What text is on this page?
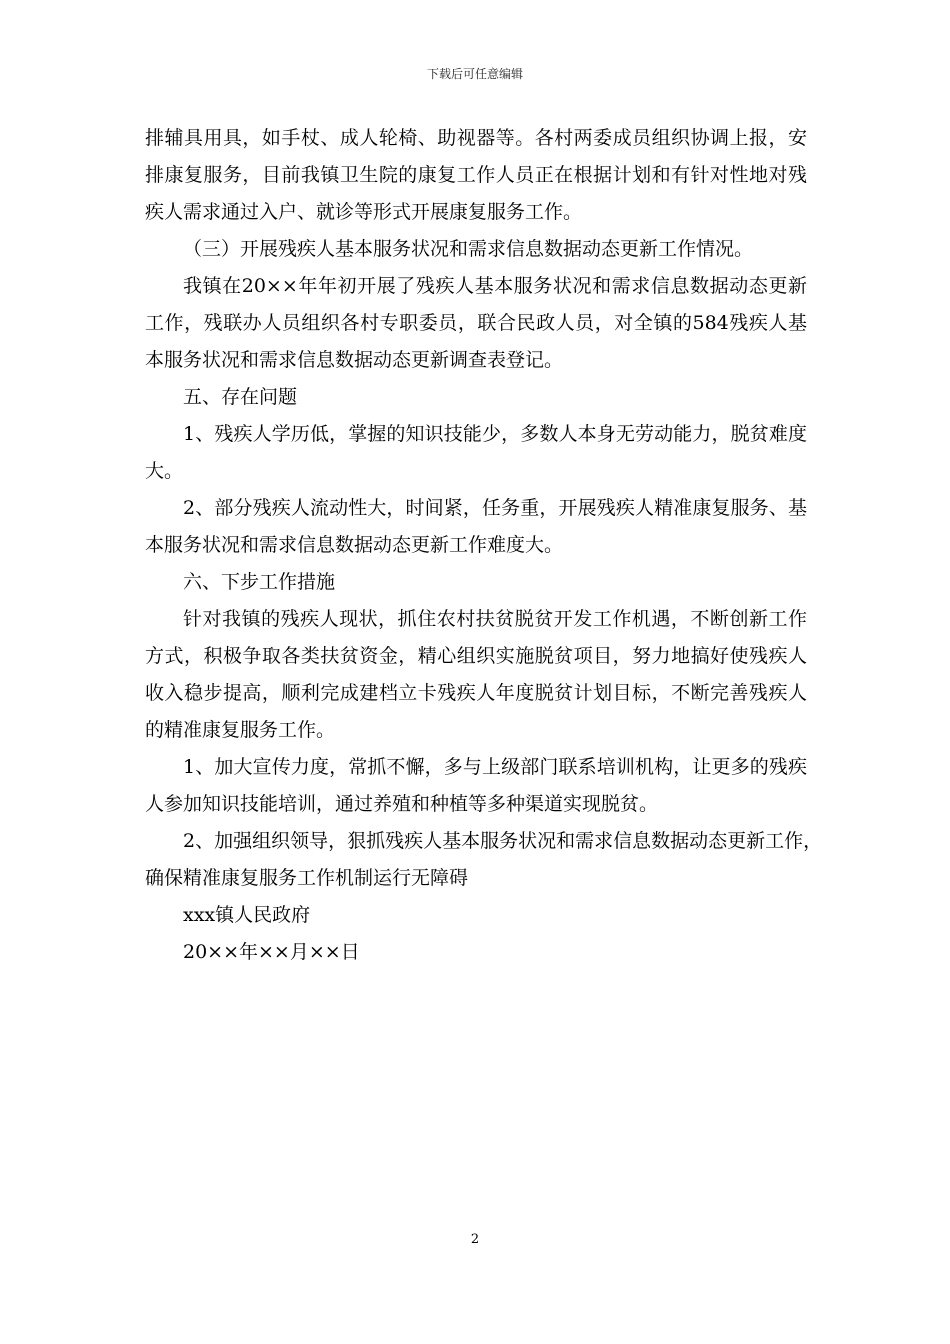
下载后可任意编辑
排辅具用具，如手杖、成人轮椅、助视器等。各村两委成员组织协调上报，安
排康复服务，目前我镇卫生院的康复工作人员正在根据计划和有针对性地对残
疾人需求通过入户、就诊等形式开展康复服务工作。
（三）开展残疾人基本服务状况和需求信息数据动态更新工作情况。
我镇在20××年年初开展了残疾人基本服务状况和需求信息数据动态更新
工作，残联办人员组织各村专职委员，联合民政人员，对全镇的584残疾人基
本服务状况和需求信息数据动态更新调查表登记。
五、存在问题
1、残疾人学历低，掌握的知识技能少，多数人本身无劳动能力，脱贫难度
大。
2、部分残疾人流动性大，时间紧，任务重，开展残疾人精准康复服务、基
本服务状况和需求信息数据动态更新工作难度大。
六、下步工作措施
针对我镇的残疾人现状，抓住农村扶贫脱贫开发工作机遇，不断创新工作
方式，积极争取各类扶贫资金，精心组织实施脱贫项目，努力地搞好使残疾人
收入稳步提高，顺利完成建档立卡残疾人年度脱贫计划目标，不断完善残疾人
的精准康复服务工作。
1、加大宣传力度，常抓不懈，多与上级部门联系培训机构，让更多的残疾
人参加知识技能培训，通过养殖和种植等多种渠道实现脱贫。
2、加强组织领导，狠抓残疾人基本服务状况和需求信息数据动态更新工作，
确保精准康复服务工作机制运行无障碍
xxx镇人民政府
20××年××月××日
2
